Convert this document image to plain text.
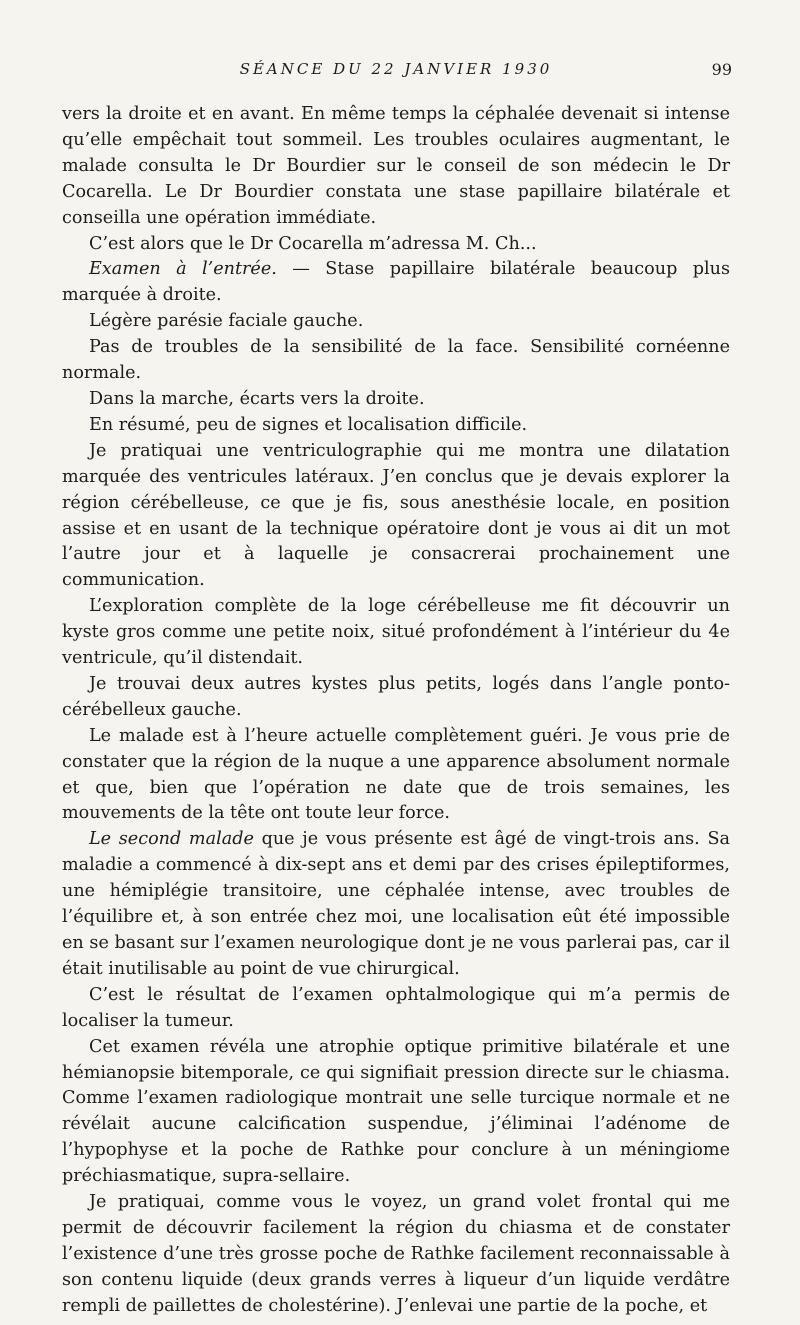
SÉANCE DU 22 JANVIER 1930	99

vers la droite et en avant. En même temps la céphalée devenait si intense qu’elle empêchait tout sommeil. Les troubles oculaires augmentant, le malade consulta le Dr Bourdier sur le conseil de son médecin le Dr Cocarella. Le Dr Bourdier constata une stase papillaire bilatérale et conseilla une opération immédiate.

C’est alors que le Dr Cocarella m’adressa M. Ch...

Examen à l’entrée. — Stase papillaire bilatérale beaucoup plus marquée à droite.

Légère parésie faciale gauche.

Pas de troubles de la sensibilité de la face. Sensibilité cornéenne normale.

Dans la marche, écarts vers la droite.

En résumé, peu de signes et localisation difficile.

Je pratiquai une ventriculographie qui me montra une dilatation marquée des ventricules latéraux. J’en conclus que je devais explorer la région cérébelleuse, ce que je fis, sous anesthésie locale, en position assise et en usant de la technique opératoire dont je vous ai dit un mot l’autre jour et à laquelle je consacrerai prochainement une communication.

L’exploration complète de la loge cérébelleuse me fit découvrir un kyste gros comme une petite noix, situé profondément à l’intérieur du 4e ventricule, qu’il distendait.

Je trouvai deux autres kystes plus petits, logés dans l’angle ponto-cérébelleux gauche.

Le malade est à l’heure actuelle complètement guéri. Je vous prie de constater que la région de la nuque a une apparence absolument normale et que, bien que l’opération ne date que de trois semaines, les mouvements de la tête ont toute leur force.

Le second malade que je vous présente est âgé de vingt-trois ans. Sa maladie a commencé à dix-sept ans et demi par des crises épileptiformes, une hémiplégie transitoire, une céphalée intense, avec troubles de l’équilibre et, à son entrée chez moi, une localisation eût été impossible en se basant sur l’examen neurologique dont je ne vous parlerai pas, car il était inutilisable au point de vue chirurgical.

C’est le résultat de l’examen ophtalmologique qui m’a permis de localiser la tumeur.

Cet examen révéla une atrophie optique primitive bilatérale et une hémianopsie bitemporale, ce qui signifiait pression directe sur le chiasma. Comme l’examen radiologique montrait une selle turcique normale et ne révélait aucune calcification suspendue, j’éliminai l’adénome de l’hypophyse et la poche de Rathke pour conclure à un méningiome préchiasmatique, supra-sellaire.

Je pratiquai, comme vous le voyez, un grand volet frontal qui me permit de découvrir facilement la région du chiasma et de constater l’existence d’une très grosse poche de Rathke facilement reconnaissable à son contenu liquide (deux grands verres à liqueur d’un liquide verdâtre rempli de paillettes de cholestérine). J’enlevai une partie de la poche, et
